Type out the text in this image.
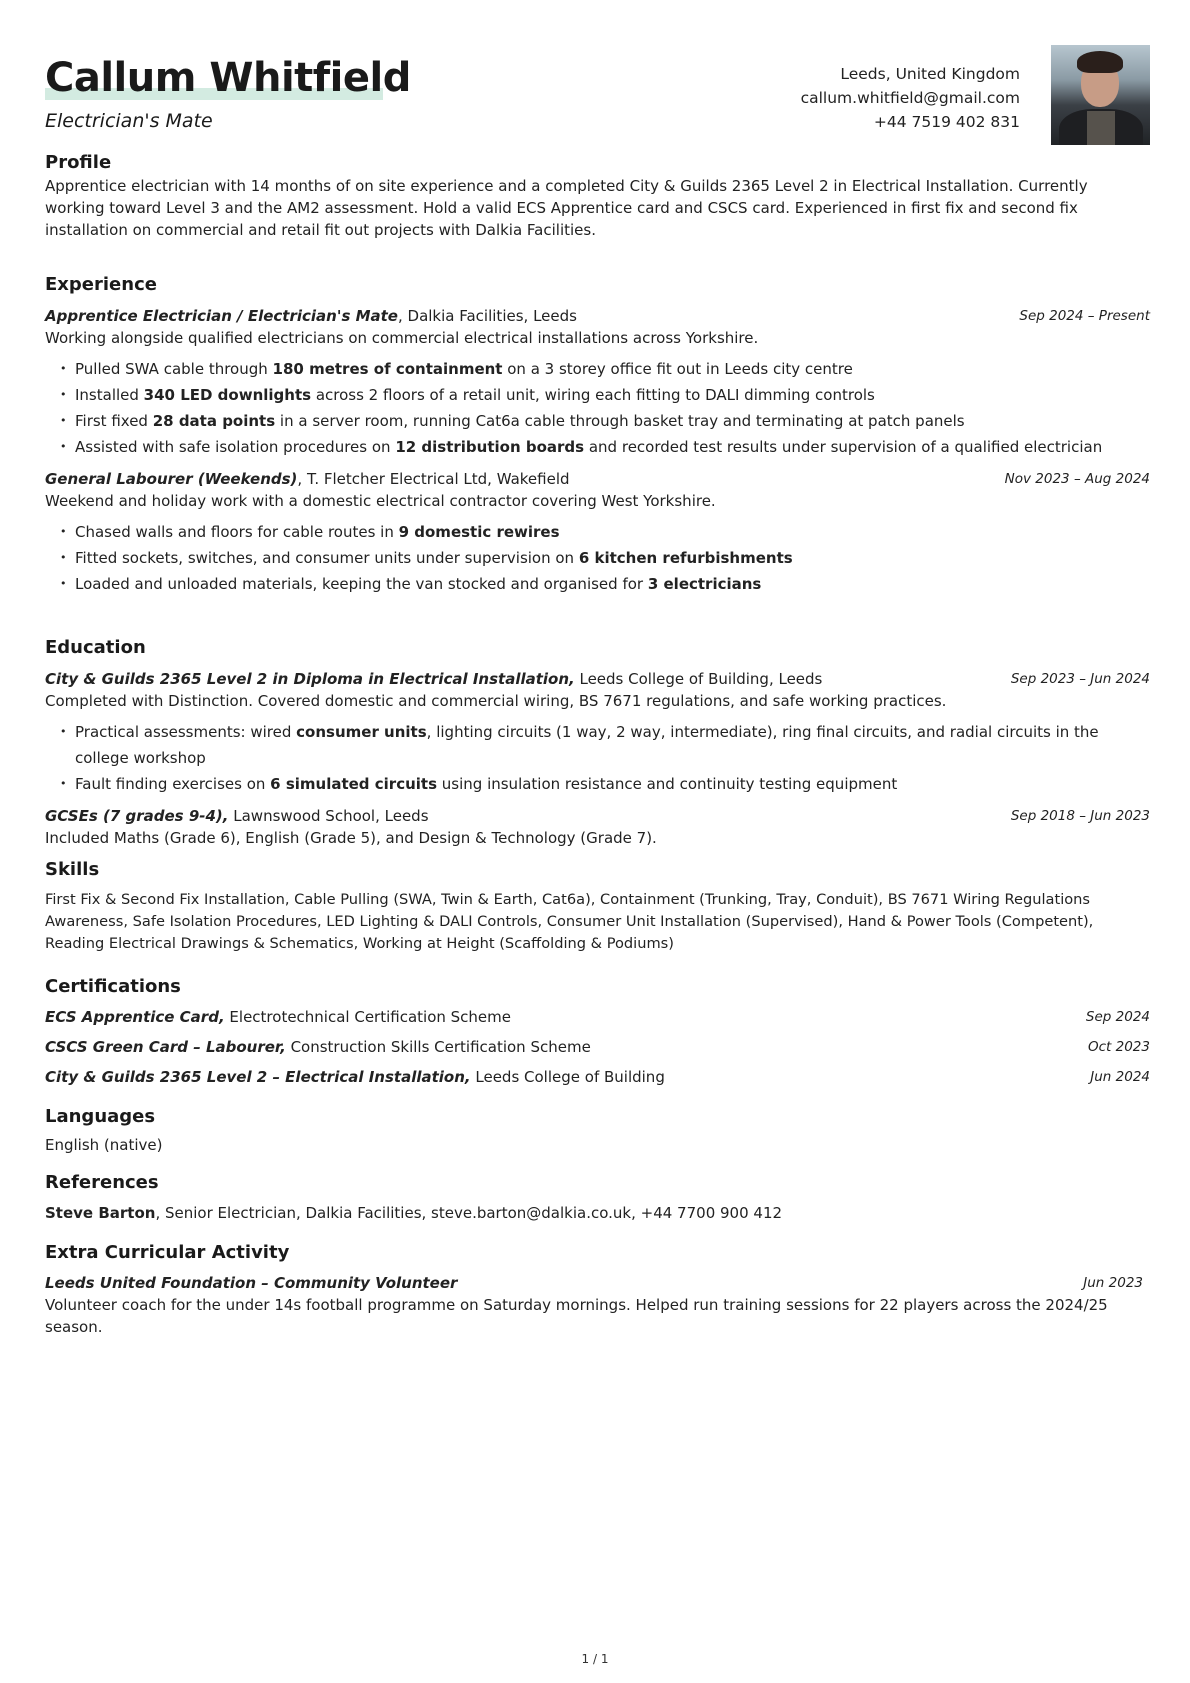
Callum Whitfield
Electrician's Mate
Leeds, United Kingdom
callum.whitfield@gmail.com
+44 7519 402 831
Profile

Apprentice electrician with 14 months of on site experience and a completed City & Guilds 2365 Level 2 in Electrical Installation. Currently working toward Level 3 and the AM2 assessment. Hold a valid ECS Apprentice card and CSCS card. Experienced in first fix and second fix installation on commercial and retail fit out projects with Dalkia Facilities.

Experience
Apprentice Electrician / Electrician's Mate, Dalkia Facilities, Leeds	Sep 2024 – Present

Working alongside qualified electricians on commercial electrical installations across Yorkshire.

• Pulled SWA cable through 180 metres of containment on a 3 storey office fit out in Leeds city centre
• Installed 340 LED downlights across 2 floors of a retail unit, wiring each fitting to DALI dimming controls
• First fixed 28 data points in a server room, running Cat6a cable through basket tray and terminating at patch panels
• Assisted with safe isolation procedures on 12 distribution boards and recorded test results under supervision of a qualified electrician
General Labourer (Weekends), T. Fletcher Electrical Ltd, Wakefield	Nov 2023 – Aug 2024

Weekend and holiday work with a domestic electrical contractor covering West Yorkshire.

• Chased walls and floors for cable routes in 9 domestic rewires
• Fitted sockets, switches, and consumer units under supervision on 6 kitchen refurbishments
• Loaded and unloaded materials, keeping the van stocked and organised for 3 electricians
Education
City & Guilds 2365 Level 2 in Diploma in Electrical Installation, Leeds College of Building, Leeds	Sep 2023 – Jun 2024

Completed with Distinction. Covered domestic and commercial wiring, BS 7671 regulations, and safe working practices.

• Practical assessments: wired consumer units, lighting circuits (1 way, 2 way, intermediate), ring final circuits, and radial circuits in the college workshop
• Fault finding exercises on 6 simulated circuits using insulation resistance and continuity testing equipment
GCSEs (7 grades 9-4), Lawnswood School, Leeds	Sep 2018 – Jun 2023

Included Maths (Grade 6), English (Grade 5), and Design & Technology (Grade 7).

Skills

First Fix & Second Fix Installation, Cable Pulling (SWA, Twin & Earth, Cat6a), Containment (Trunking, Tray, Conduit), BS 7671 Wiring Regulations Awareness, Safe Isolation Procedures, LED Lighting & DALI Controls, Consumer Unit Installation (Supervised), Hand & Power Tools (Competent), Reading Electrical Drawings & Schematics, Working at Height (Scaffolding & Podiums)

Certifications
ECS Apprentice Card, Electrotechnical Certification Scheme	Sep 2024
CSCS Green Card – Labourer, Construction Skills Certification Scheme	Oct 2023
City & Guilds 2365 Level 2 – Electrical Installation, Leeds College of Building	Jun 2024
Languages

English (native)

References

Steve Barton, Senior Electrician, Dalkia Facilities, steve.barton@dalkia.co.uk, +44 7700 900 412

Extra Curricular Activity
Leeds United Foundation – Community Volunteer	Jun 2023

Volunteer coach for the under 14s football programme on Saturday mornings. Helped run training sessions for 22 players across the 2024/25 season.

1 / 1
